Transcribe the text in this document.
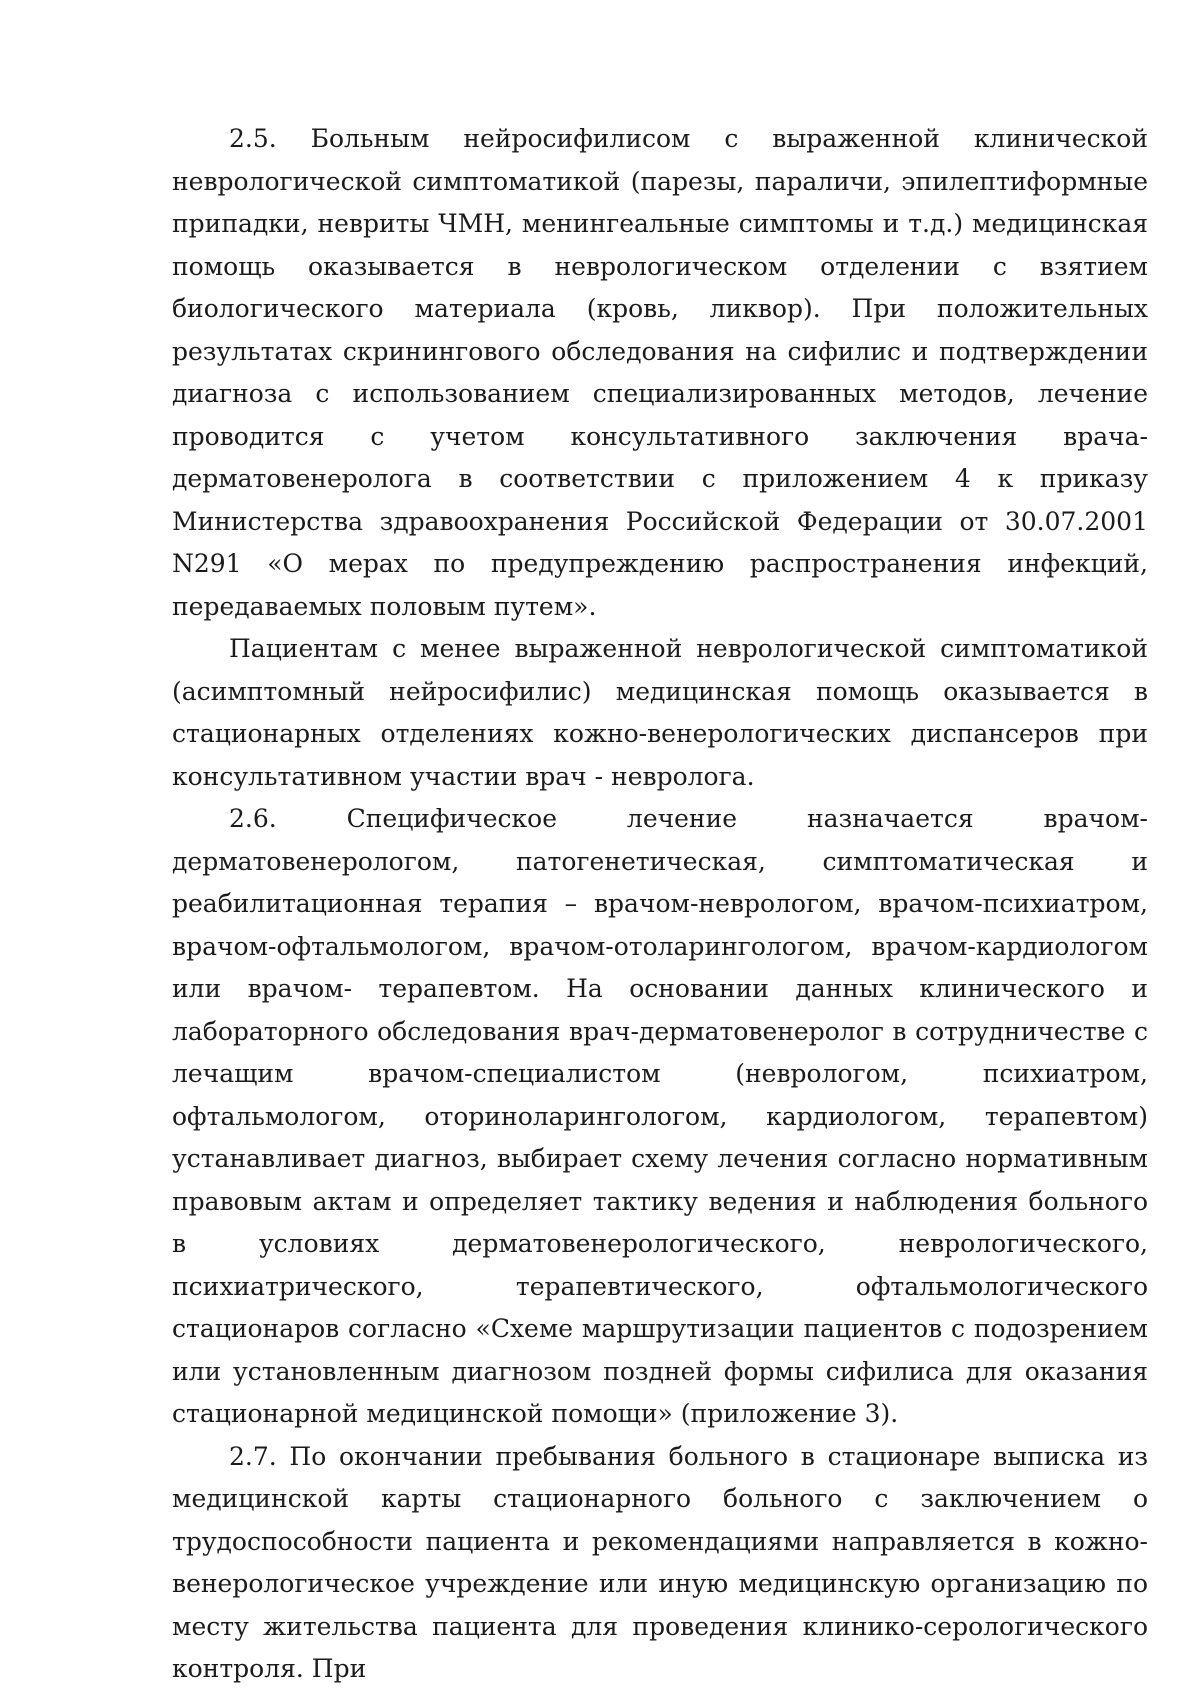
2.5. Больным нейросифилисом с выраженной клинической неврологической симптоматикой (парезы, параличи, эпилептиформные припадки, невриты ЧМН, менингеальные симптомы и т.д.) медицинская помощь оказывается в неврологическом отделении с взятием биологического материала (кровь, ликвор). При положительных результатах скринингового обследования на сифилис и подтверждении диагноза с использованием специализированных методов, лечение проводится с учетом консультативного заключения врача-дерматовенеролога в соответствии с приложением 4 к приказу Министерства здравоохранения Российской Федерации от 30.07.2001 N291 «О мерах по предупреждению распространения инфекций, передаваемых половым путем».

Пациентам с менее выраженной неврологической симптоматикой (асимптомный нейросифилис) медицинская помощь оказывается в стационарных отделениях кожно-венерологических диспансеров при консультативном участии врач - невролога.

2.6. Специфическое лечение назначается врачом-дерматовенерологом, патогенетическая, симптоматическая и реабилитационная терапия – врачом-неврологом, врачом-психиатром, врачом-офтальмологом, врачом-отоларингологом, врачом-кардиологом или врачом- терапевтом. На основании данных клинического и лабораторного обследования врач-дерматовенеролог в сотрудничестве с лечащим врачом-специалистом (неврологом, психиатром, офтальмологом, оториноларингологом, кардиологом, терапевтом) устанавливает диагноз, выбирает схему лечения согласно нормативным правовым актам и определяет тактику ведения и наблюдения больного в условиях дерматовенерологического, неврологического, психиатрического, терапевтического, офтальмологического стационаров согласно «Схеме маршрутизации пациентов с подозрением или установленным диагнозом поздней формы сифилиса для оказания стационарной медицинской помощи» (приложение 3).

2.7. По окончании пребывания больного в стационаре выписка из медицинской карты стационарного больного с заключением о трудоспособности пациента и рекомендациями направляется в кожно-венерологическое учреждение или иную медицинскую организацию по месту жительства пациента для проведения клинико-серологического контроля. При
